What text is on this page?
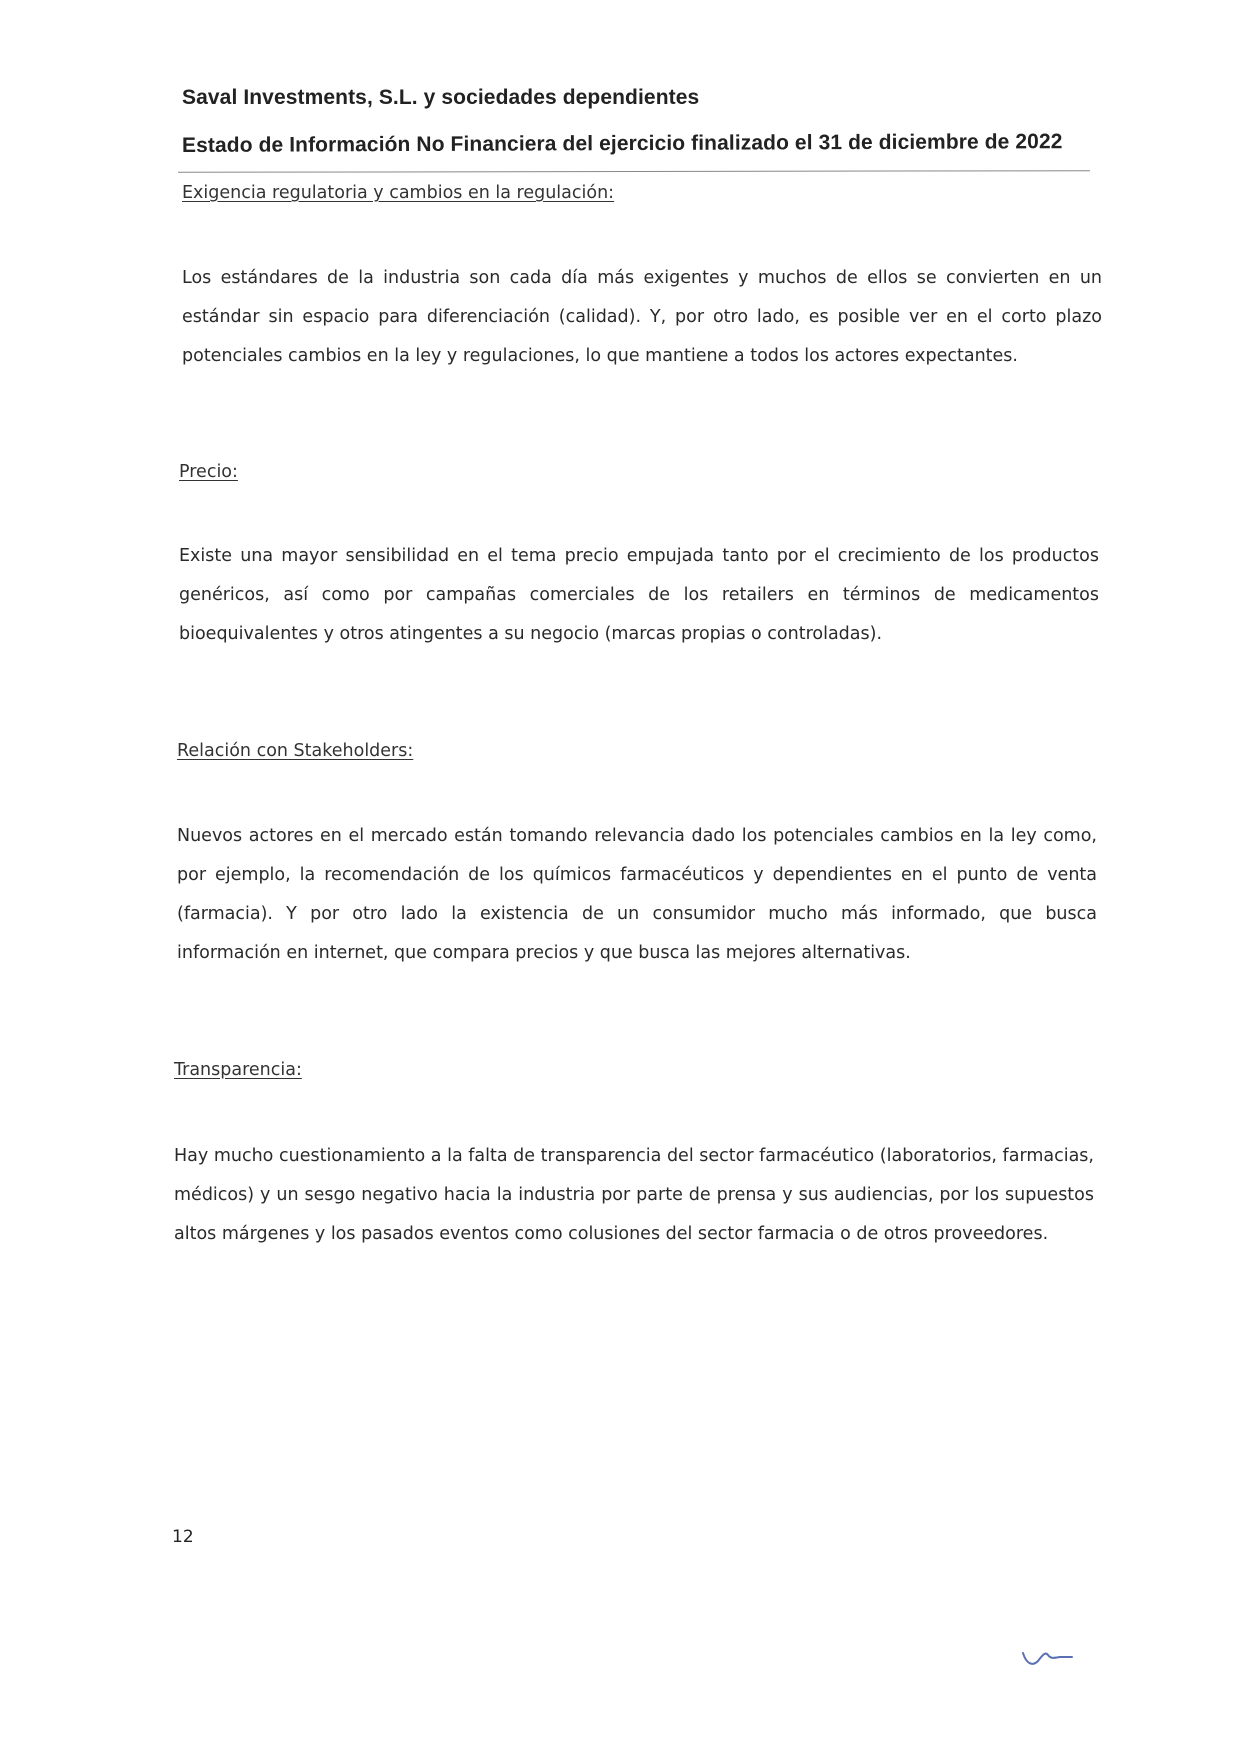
Saval Investments, S.L. y sociedades dependientes

Estado de Información No Financiera del ejercicio finalizado el 31 de diciembre de 2022

Exigencia regulatoria y cambios en la regulación:

Los estándares de la industria son cada día más exigentes y muchos de ellos se convierten en un estándar sin espacio para diferenciación (calidad). Y, por otro lado, es posible ver en el corto plazo potenciales cambios en la ley y regulaciones, lo que mantiene a todos los actores expectantes.

Precio:

Existe una mayor sensibilidad en el tema precio empujada tanto por el crecimiento de los productos genéricos, así como por campañas comerciales de los retailers en términos de medicamentos bioequivalentes y otros atingentes a su negocio (marcas propias o controladas).

Relación con Stakeholders:

Nuevos actores en el mercado están tomando relevancia dado los potenciales cambios en la ley como, por ejemplo, la recomendación de los químicos farmacéuticos y dependientes en el punto de venta (farmacia). Y por otro lado la existencia de un consumidor mucho más informado, que busca información en internet, que compara precios y que busca las mejores alternativas.

Transparencia:

Hay mucho cuestionamiento a la falta de transparencia del sector farmacéutico (laboratorios, farmacias, médicos) y un sesgo negativo hacia la industria por parte de prensa y sus audiencias, por los supuestos altos márgenes y los pasados eventos como colusiones del sector farmacia o de otros proveedores.

12
